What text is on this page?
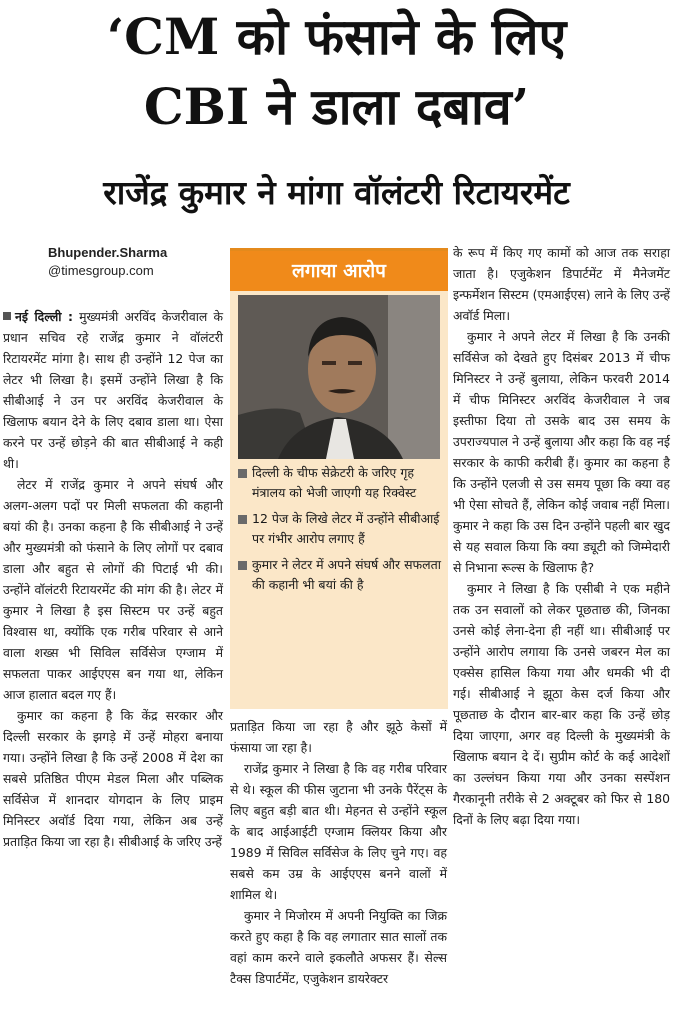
‘CM को फंसाने के लिए
CBI ने डाला दबाव’
राजेंद्र कुमार ने मांगा वॉलंटरी रिटायरमेंट
Bhupender.Sharma
@timesgroup.com

नई दिल्ली : मुख्यमंत्री अरविंद केजरीवाल के प्रधान सचिव रहे राजेंद्र कुमार ने वॉलंटरी रिटायरमेंट मांगा है। साथ ही उन्होंने 12 पेज का लेटर भी लिखा है। इसमें उन्होंने लिखा है कि सीबीआई ने उन पर अरविंद केजरीवाल के खिलाफ बयान देने के लिए दबाव डाला था। ऐसा करने पर उन्हें छोड़ने की बात सीबीआई ने कही थी।

लेटर में राजेंद्र कुमार ने अपने संघर्ष और अलग-अलग पदों पर मिली सफलता की कहानी बयां की है। उनका कहना है कि सीबीआई ने उन्हें और मुख्यमंत्री को फंसाने के लिए लोगों पर दबाव डाला और बहुत से लोगों की पिटाई भी की। उन्होंने वॉलंटरी रिटायरमेंट की मांग की है। लेटर में कुमार ने लिखा है इस सिस्टम पर उन्हें बहुत विश्वास था, क्योंकि एक गरीब परिवार से आने वाला शख्स भी सिविल सर्विसेज एग्जाम में सफलता पाकर आईएएस बन गया था, लेकिन आज हालात बदल गए हैं।

कुमार का कहना है कि केंद्र सरकार और दिल्ली सरकार के झगड़े में उन्हें मोहरा बनाया गया। उन्होंने लिखा है कि उन्हें 2008 में देश का सबसे प्रतिष्ठित पीएम मेडल मिला और पब्लिक सर्विसेज में शानदार योगदान के लिए प्राइम मिनिस्टर अवॉर्ड दिया गया, लेकिन अब उन्हें प्रताड़ित किया जा रहा है। सीबीआई के जरिए उन्हें

लगाया आरोप
दिल्ली के चीफ सेक्रेटरी के जरिए गृह मंत्रालय को भेजी जाएगी यह रिक्वेस्ट
12 पेज के लिखे लेटर में उन्होंने सीबीआई पर गंभीर आरोप लगाए हैं
कुमार ने लेटर में अपने संघर्ष और सफलता की कहानी भी बयां की है

प्रताड़ित किया जा रहा है और झूठे केसों में फंसाया जा रहा है।

राजेंद्र कुमार ने लिखा है कि वह गरीब परिवार से थे। स्कूल की फीस जुटाना भी उनके पैरेंट्स के लिए बहुत बड़ी बात थी। मेहनत से उन्होंने स्कूल के बाद आईआईटी एग्जाम क्लियर किया और 1989 में सिविल सर्विसेज के लिए चुने गए। वह सबसे कम उम्र के आईएएस बनने वालों में शामिल थे।

कुमार ने मिजोरम में अपनी नियुक्ति का जिक्र करते हुए कहा है कि वह लगातार सात सालों तक वहां काम करने वाले इकलौते अफसर हैं। सेल्स टैक्स डिपार्टमेंट, एजुकेशन डायरेक्टर

के रूप में किए गए कामों को आज तक सराहा जाता है। एजुकेशन डिपार्टमेंट में मैनेजमेंट इन्फर्मेशन सिस्टम (एमआईएस) लाने के लिए उन्हें अवॉर्ड मिला।

कुमार ने अपने लेटर में लिखा है कि उनकी सर्विसेज को देखते हुए दिसंबर 2013 में चीफ मिनिस्टर ने उन्हें बुलाया, लेकिन फरवरी 2014 में चीफ मिनिस्टर अरविंद केजरीवाल ने जब इस्तीफा दिया तो उसके बाद उस समय के उपराज्यपाल ने उन्हें बुलाया और कहा कि वह नई सरकार के काफी करीबी हैं। कुमार का कहना है कि उन्होंने एलजी से उस समय पूछा कि क्या वह भी ऐसा सोचते हैं, लेकिन कोई जवाब नहीं मिला। कुमार ने कहा कि उस दिन उन्होंने पहली बार खुद से यह सवाल किया कि क्या ड्यूटी को जिम्मेदारी से निभाना रूल्स के खिलाफ है?

कुमार ने लिखा है कि एसीबी ने एक महीने तक उन सवालों को लेकर पूछताछ की, जिनका उनसे कोई लेना-देना ही नहीं था। सीबीआई पर उन्होंने आरोप लगाया कि उनसे जबरन मेल का एक्सेस हासिल किया गया और धमकी भी दी गई। सीबीआई ने झूठा केस दर्ज किया और पूछताछ के दौरान बार-बार कहा कि उन्हें छोड़ दिया जाएगा, अगर वह दिल्ली के मुख्यमंत्री के खिलाफ बयान दे दें। सुप्रीम कोर्ट के कई आदेशों का उल्लंघन किया गया और उनका सस्पेंशन गैरकानूनी तरीके से 2 अक्टूबर को फिर से 180 दिनों के लिए बढ़ा दिया गया।
